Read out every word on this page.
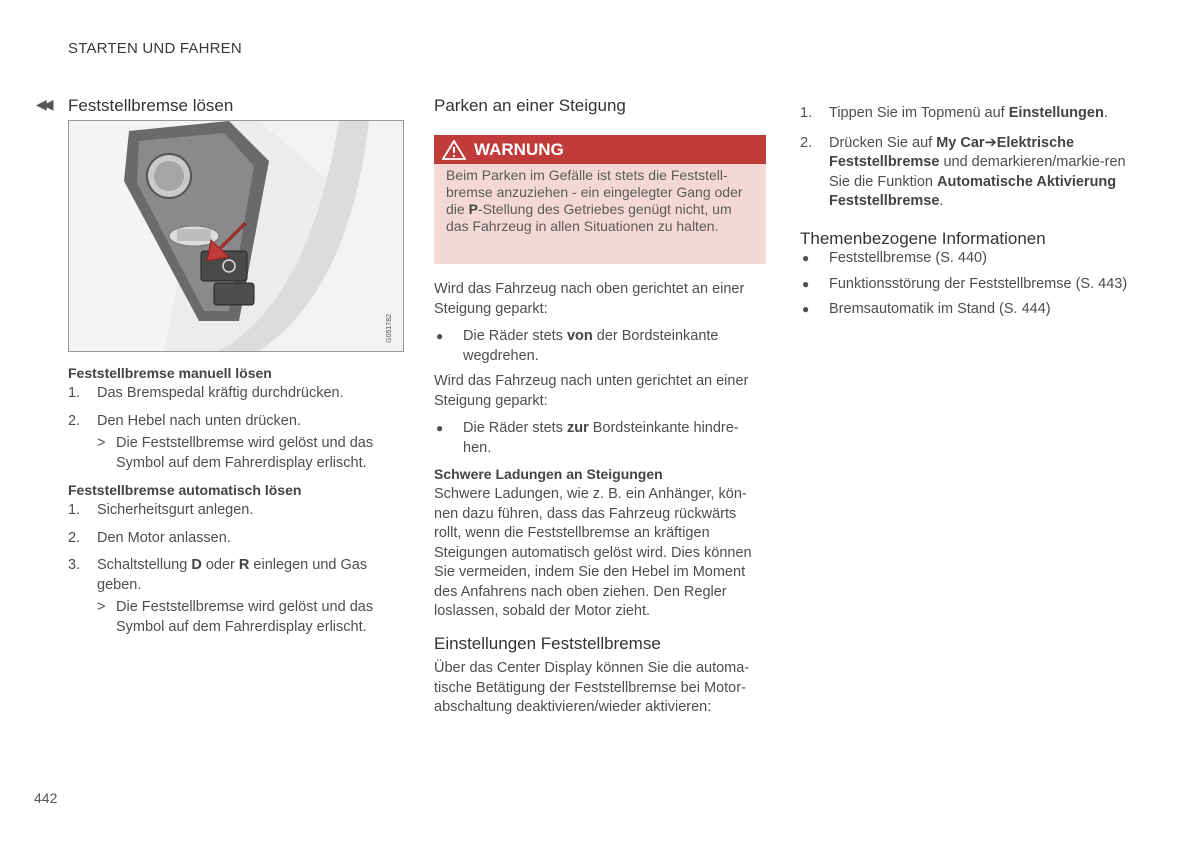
STARTEN UND FAHREN
◀◀ Feststellbremse lösen
G051782
Feststellbremse manuell lösen
1. Das Bremspedal kräftig durchdrücken.
2. Den Hebel nach unten drücken.
> Die Feststellbremse wird gelöst und das Symbol auf dem Fahrerdisplay erlischt.
Feststellbremse automatisch lösen
1. Sicherheitsgurt anlegen.
2. Den Motor anlassen.
3. Schaltstellung D oder R einlegen und Gas geben.
> Die Feststellbremse wird gelöst und das Symbol auf dem Fahrerdisplay erlischt.
Parken an einer Steigung
WARNUNG
Beim Parken im Gefälle ist stets die Feststell-bremse anzuziehen - ein eingelegter Gang oder die P-Stellung des Getriebes genügt nicht, um das Fahrzeug in allen Situationen zu halten.
Wird das Fahrzeug nach oben gerichtet an einer Steigung geparkt:
● Die Räder stets von der Bordsteinkante wegdrehen.
Wird das Fahrzeug nach unten gerichtet an einer Steigung geparkt:
● Die Räder stets zur Bordsteinkante hindre-hen.
Schwere Ladungen an Steigungen
Schwere Ladungen, wie z. B. ein Anhänger, kön-nen dazu führen, dass das Fahrzeug rückwärts rollt, wenn die Feststellbremse an kräftigen Steigungen automatisch gelöst wird. Dies können Sie vermeiden, indem Sie den Hebel im Moment des Anfahrens nach oben ziehen. Den Regler loslassen, sobald der Motor zieht.
Einstellungen Feststellbremse
Über das Center Display können Sie die automa-tische Betätigung der Feststellbremse bei Motor-abschaltung deaktivieren/wieder aktivieren:
1. Tippen Sie im Topmenü auf Einstellungen.
2. Drücken Sie auf My Car➔Elektrische Feststellbremse und demarkieren/markie-ren Sie die Funktion Automatische Aktivierung Feststellbremse.
Themenbezogene Informationen
● Feststellbremse (S. 440)
● Funktionsstörung der Feststellbremse (S. 443)
● Bremsautomatik im Stand (S. 444)
442
